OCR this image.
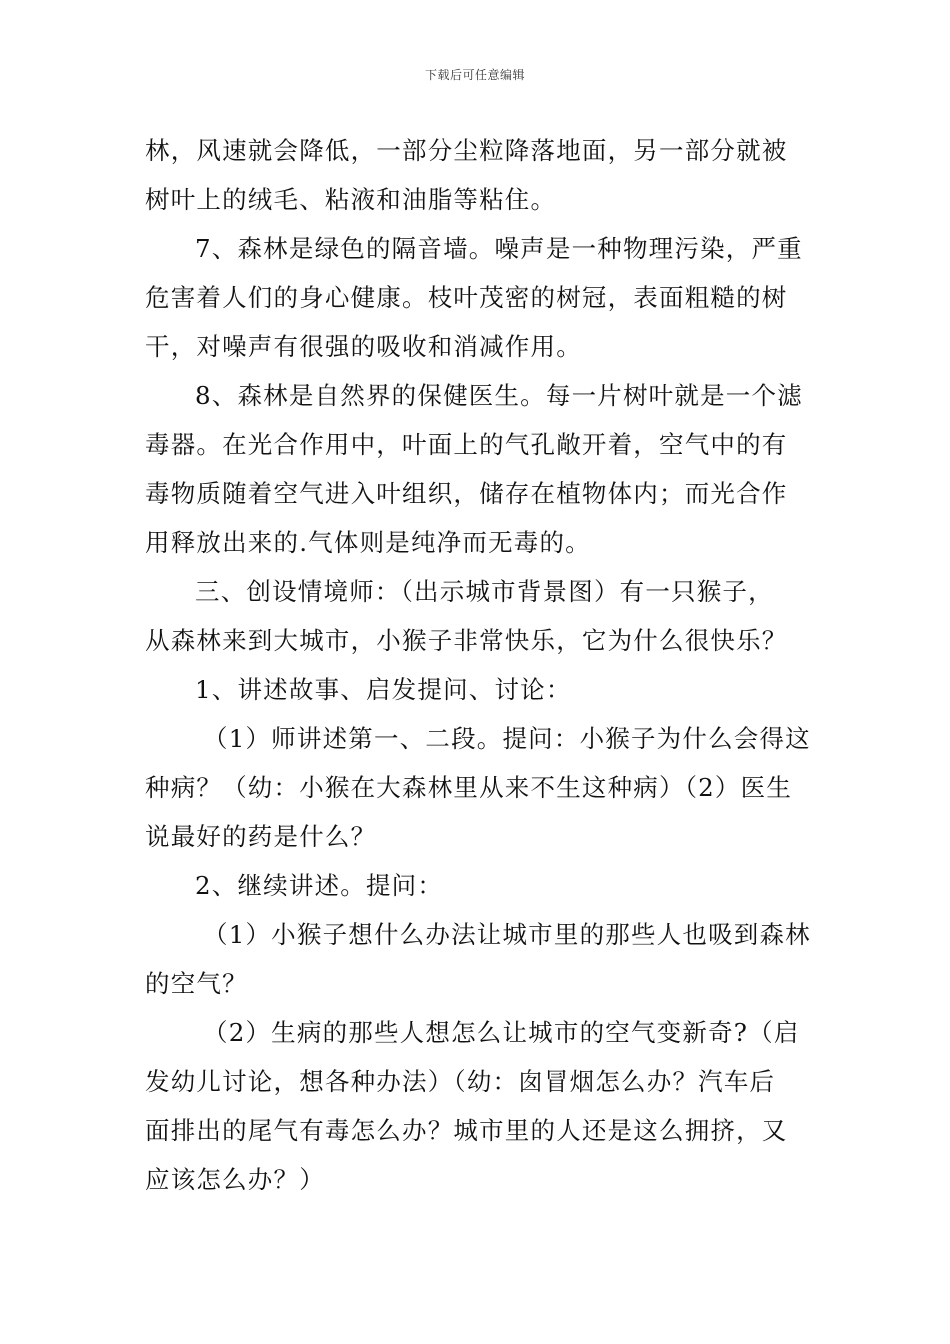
下载后可任意编辑
林，风速就会降低，一部分尘粒降落地面，另一部分就被
树叶上的绒毛、粘液和油脂等粘住。
7、森林是绿色的隔音墙。噪声是一种物理污染，严重
危害着人们的身心健康。枝叶茂密的树冠，表面粗糙的树
干，对噪声有很强的吸收和消减作用。
8、森林是自然界的保健医生。每一片树叶就是一个滤
毒器。在光合作用中，叶面上的气孔敞开着，空气中的有
毒物质随着空气进入叶组织，储存在植物体内；而光合作
用释放出来的.气体则是纯净而无毒的。
三、创设情境师：（出示城市背景图）有一只猴子，
从森林来到大城市，小猴子非常快乐，它为什么很快乐？
1、讲述故事、启发提问、讨论：
（1）师讲述第一、二段。提问：小猴子为什么会得这
种病？（幼：小猴在大森林里从来不生这种病）（2）医生
说最好的药是什么？
2、继续讲述。提问：
（1）小猴子想什么办法让城市里的那些人也吸到森林
的空气？
（2）生病的那些人想怎么让城市的空气变新奇?（启
发幼儿讨论，想各种办法）（幼：囱冒烟怎么办？汽车后
面排出的尾气有毒怎么办？城市里的人还是这么拥挤，又
应该怎么办？）
